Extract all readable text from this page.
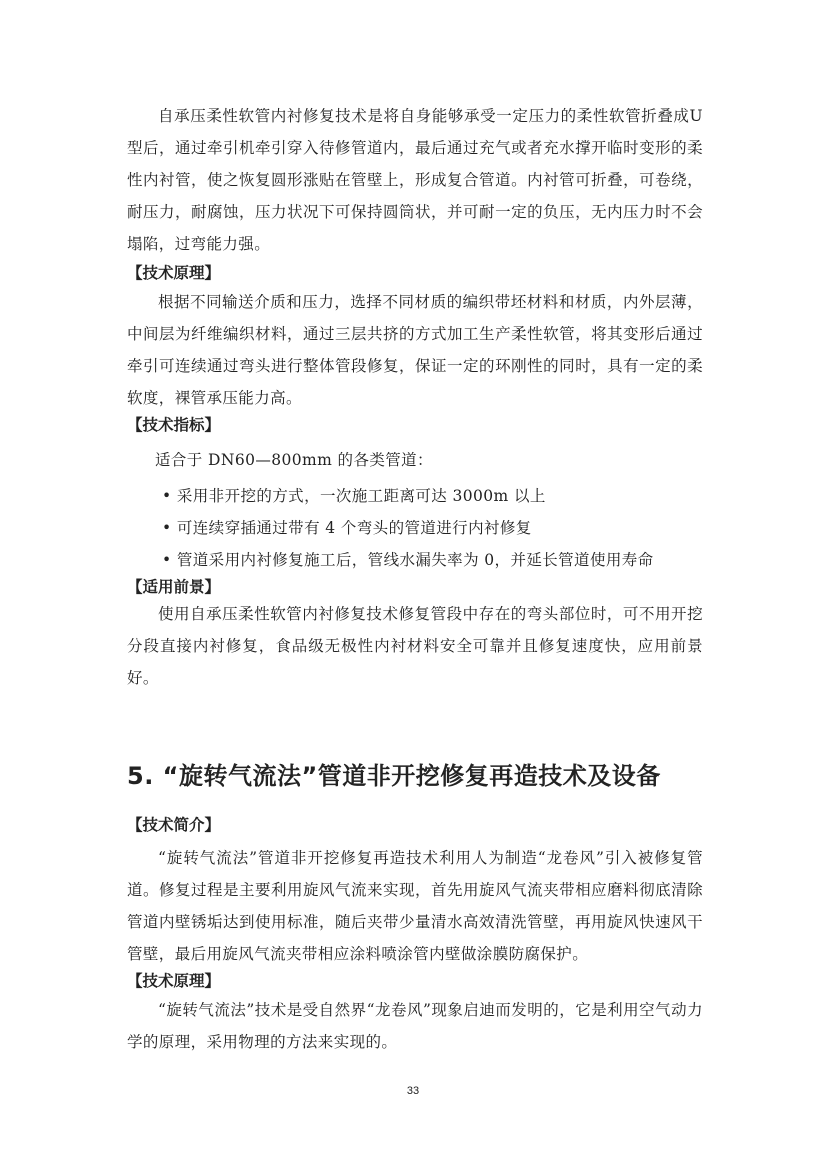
自承压柔性软管内衬修复技术是将自身能够承受一定压力的柔性软管折叠成U型后，通过牵引机牵引穿入待修管道内，最后通过充气或者充水撑开临时变形的柔性内衬管，使之恢复圆形涨贴在管壁上，形成复合管道。内衬管可折叠，可卷绕，耐压力，耐腐蚀，压力状况下可保持圆筒状，并可耐一定的负压，无内压力时不会塌陷，过弯能力强。

【技术原理】

根据不同输送介质和压力，选择不同材质的编织带坯材料和材质，内外层薄，中间层为纤维编织材料，通过三层共挤的方式加工生产柔性软管，将其变形后通过牵引可连续通过弯头进行整体管段修复，保证一定的环刚性的同时，具有一定的柔软度，裸管承压能力高。

【技术指标】

适合于 DN60—800mm 的各类管道：

• 采用非开挖的方式，一次施工距离可达 3000m 以上

• 可连续穿插通过带有 4 个弯头的管道进行内衬修复

• 管道采用内衬修复施工后，管线水漏失率为 0，并延长管道使用寿命

【适用前景】

使用自承压柔性软管内衬修复技术修复管段中存在的弯头部位时，可不用开挖分段直接内衬修复，食品级无极性内衬材料安全可靠并且修复速度快，应用前景好。

5. “旋转气流法”管道非开挖修复再造技术及设备

【技术简介】

“旋转气流法”管道非开挖修复再造技术利用人为制造“龙卷风”引入被修复管道。修复过程是主要利用旋风气流来实现，首先用旋风气流夹带相应磨料彻底清除管道内壁锈垢达到使用标准，随后夹带少量清水高效清洗管壁，再用旋风快速风干管壁，最后用旋风气流夹带相应涂料喷涂管内壁做涂膜防腐保护。

【技术原理】

“旋转气流法”技术是受自然界“龙卷风”现象启迪而发明的，它是利用空气动力学的原理，采用物理的方法来实现的。

33
